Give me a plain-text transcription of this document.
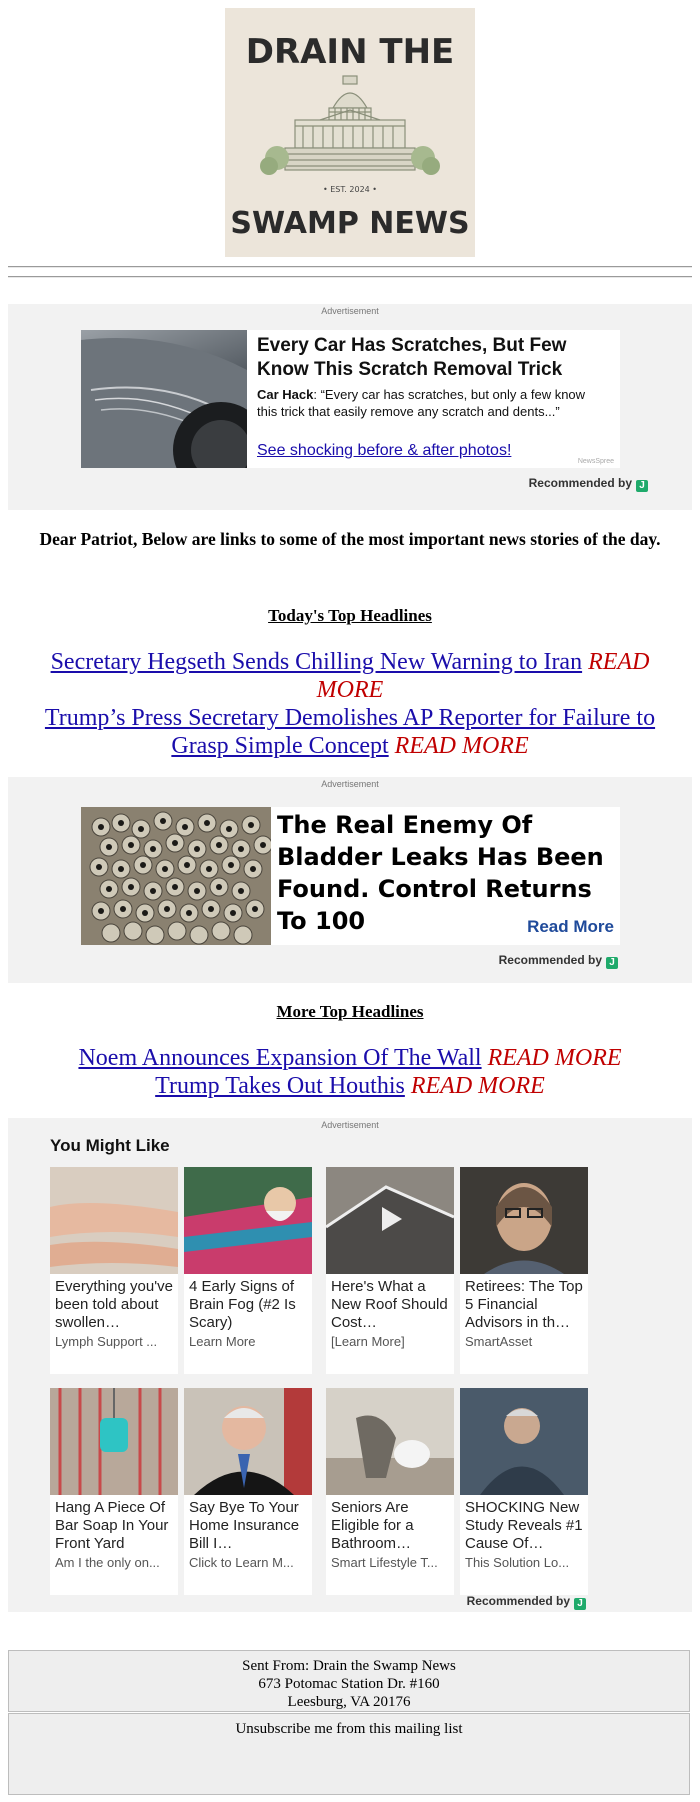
DRAIN THE
• EST. 2024 •
SWAMP NEWS
Advertisement
Every Car Has Scratches, But Few Know This Scratch Removal Trick
Car Hack: “Every car has scratches, but only a few know this trick that easily remove any scratch and dents...”
See shocking before & after photos!
NewsSpree
Recommended by J
Dear Patriot, Below are links to some of the most important news stories of the day.
Today's Top Headlines
Secretary Hegseth Sends Chilling New Warning to Iran READ MORE
Trump’s Press Secretary Demolishes AP Reporter for Failure to Grasp Simple Concept READ MORE
Advertisement
The Real Enemy Of Bladder Leaks Has Been Found. Control Returns To 100	Read More
Recommended by J
More Top Headlines
Noem Announces Expansion Of The Wall READ MORE
Trump Takes Out Houthis READ MORE
Advertisement
You Might Like
Everything you've been told about swollen…
Lymph Support ...
4 Early Signs of Brain Fog (#2 Is Scary)
Learn More
Here's What a New Roof Should Cost…
[Learn More]
Retirees: The Top 5 Financial Advisors in th…
SmartAsset
Hang A Piece Of Bar Soap In Your Front Yard
Am I the only on...
Say Bye To Your Home Insurance Bill I…
Click to Learn M...
Seniors Are Eligible for a Bathroom…
Smart Lifestyle T...
SHOCKING New Study Reveals #1 Cause Of…
This Solution Lo...
Recommended by J
Sent From: Drain the Swamp News
673 Potomac Station Dr. #160
Leesburg, VA 20176
Unsubscribe me from this mailing list
